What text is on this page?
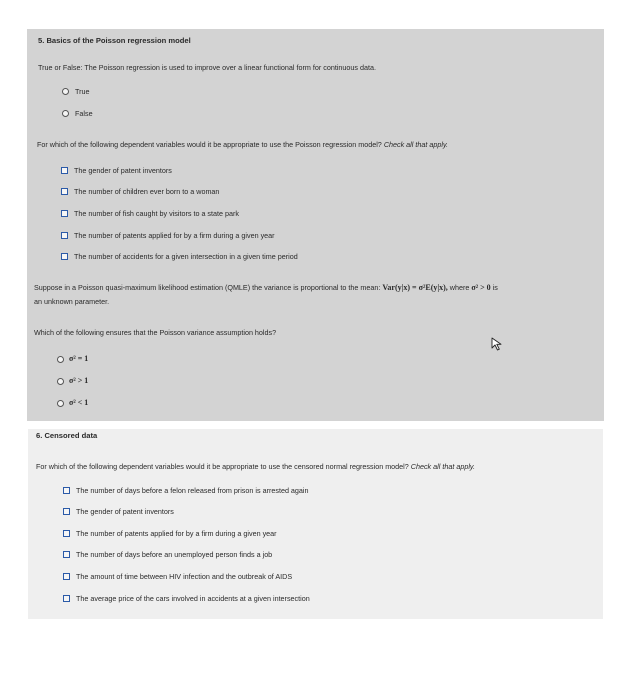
5. Basics of the Poisson regression model
True or False: The Poisson regression is used to improve over a linear functional form for continuous data.
True
False
For which of the following dependent variables would it be appropriate to use the Poisson regression model? Check all that apply.
The gender of patent inventors
The number of children ever born to a woman
The number of fish caught by visitors to a state park
The number of patents applied for by a firm during a given year
The number of accidents for a given intersection in a given time period
Suppose in a Poisson quasi-maximum likelihood estimation (QMLE) the variance is proportional to the mean: Var(y|x) = σ²E(y|x), where σ² > 0 is
an unknown parameter.
Which of the following ensures that the Poisson variance assumption holds?
σ² = 1
σ² > 1
σ² < 1
6. Censored data
For which of the following dependent variables would it be appropriate to use the censored normal regression model? Check all that apply.
The number of days before a felon released from prison is arrested again
The gender of patent inventors
The number of patents applied for by a firm during a given year
The number of days before an unemployed person finds a job
The amount of time between HIV infection and the outbreak of AIDS
The average price of the cars involved in accidents at a given intersection
